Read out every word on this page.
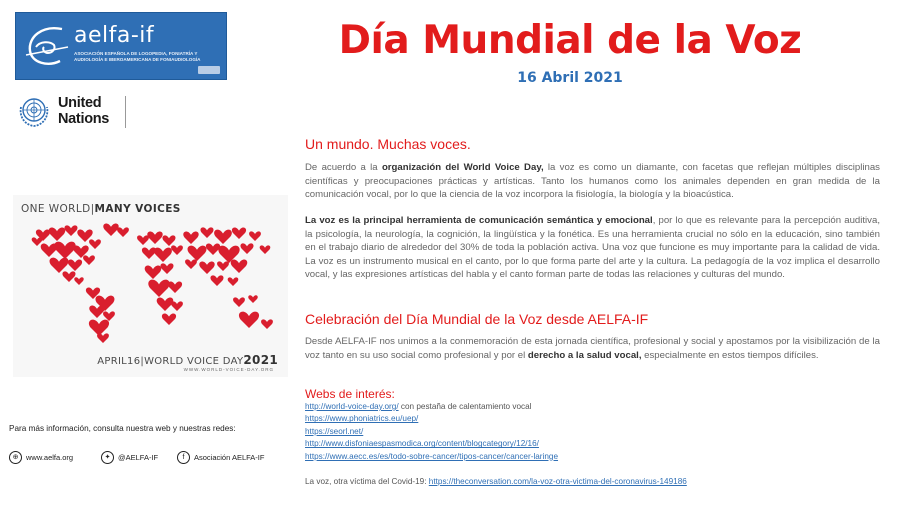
aelfa-if
ASOCIACIÓN ESPAÑOLA DE LOGOPEDIA, FONIATRÍA Y AUDIOLOGÍA E IBEROAMERICANA DE FONIAUDIOLOGÍA
United
Nations
Día Mundial de la Voz
16 Abril 2021
ONE WORLD|MANY VOICES
APRIL16|WORLD VOICE DAY2021
WWW.WORLD-VOICE-DAY.ORG
Para más información, consulta nuestra web y nuestras redes:
⊕	www.aelfa.org	✦	@AELFA-IF	f	Asociación AELFA-IF
Un mundo. Muchas voces.
De acuerdo a la organización del World Voice Day, la voz es como un diamante, con facetas que reflejan múltiples disciplinas científicas y preocupaciones prácticas y artísticas. Tanto los humanos como los animales dependen en gran medida de la comunicación vocal, por lo que la ciencia de la voz incorpora la fisiología, la biología y la bioacústica.
La voz es la principal herramienta de comunicación semántica y emocional, por lo que es relevante para la percepción auditiva, la psicología, la neurología, la cognición, la lingüística y la fonética. Es una herramienta crucial no sólo en la educación, sino también en el trabajo diario de alrededor del 30% de toda la población activa. Una voz que funcione es muy importante para la calidad de vida. La voz es un instrumento musical en el canto, por lo que forma parte del arte y la cultura. La pedagogía de la voz implica el desarrollo vocal, y las expresiones artísticas del habla y el canto forman parte de todas las relaciones y culturas del mundo.
Celebración del Día Mundial de la Voz desde AELFA-IF
Desde AELFA-IF nos unimos a la conmemoración de esta jornada científica, profesional y social y apostamos por la visibilización de la voz tanto en su uso social como profesional y por el derecho a la salud vocal, especialmente en estos tiempos difíciles.
Webs de interés:
http://world-voice-day.org/ con pestaña de calentamiento vocal
https://www.phoniatrics.eu/uep/
https://seorl.net/
http://www.disfoniaespasmodica.org/content/blogcategory/12/16/
https://www.aecc.es/es/todo-sobre-cancer/tipos-cancer/cancer-laringe
La voz, otra víctima del Covid-19: https://theconversation.com/la-voz-otra-victima-del-coronavirus-149186
